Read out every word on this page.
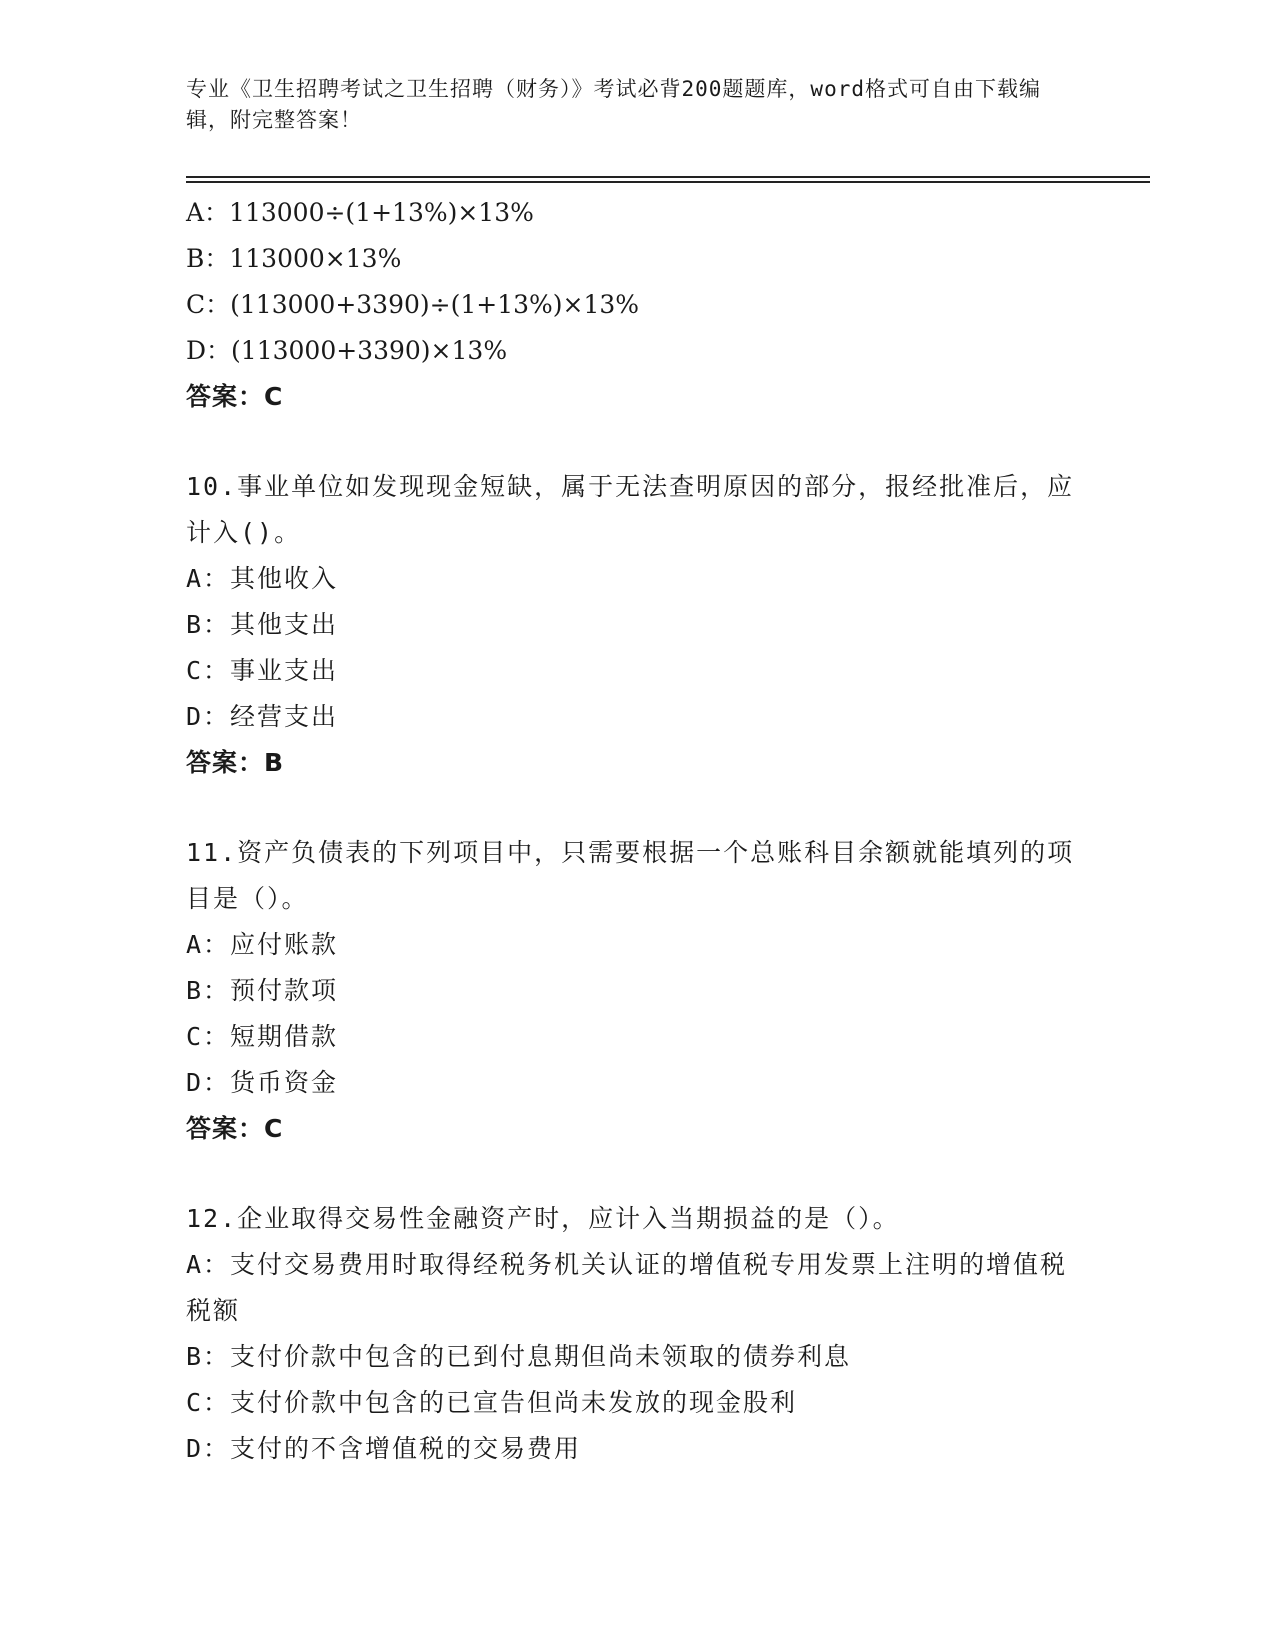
专业《卫生招聘考试之卫生招聘（财务）》考试必背200题题库，word格式可自由下载编辑，附完整答案！
A：113000÷(1+13%)×13%
B：113000×13%
C：(113000+3390)÷(1+13%)×13%
D：(113000+3390)×13%
答案：C
10.事业单位如发现现金短缺，属于无法查明原因的部分，报经批准后，应计入()。
A：其他收入
B：其他支出
C：事业支出
D：经营支出
答案：B
11.资产负债表的下列项目中，只需要根据一个总账科目余额就能填列的项目是（）。
A：应付账款
B：预付款项
C：短期借款
D：货币资金
答案：C
12.企业取得交易性金融资产时，应计入当期损益的是（）。
A：支付交易费用时取得经税务机关认证的增值税专用发票上注明的增值税税额
B：支付价款中包含的已到付息期但尚未领取的债券利息
C：支付价款中包含的已宣告但尚未发放的现金股利
D：支付的不含增值税的交易费用
